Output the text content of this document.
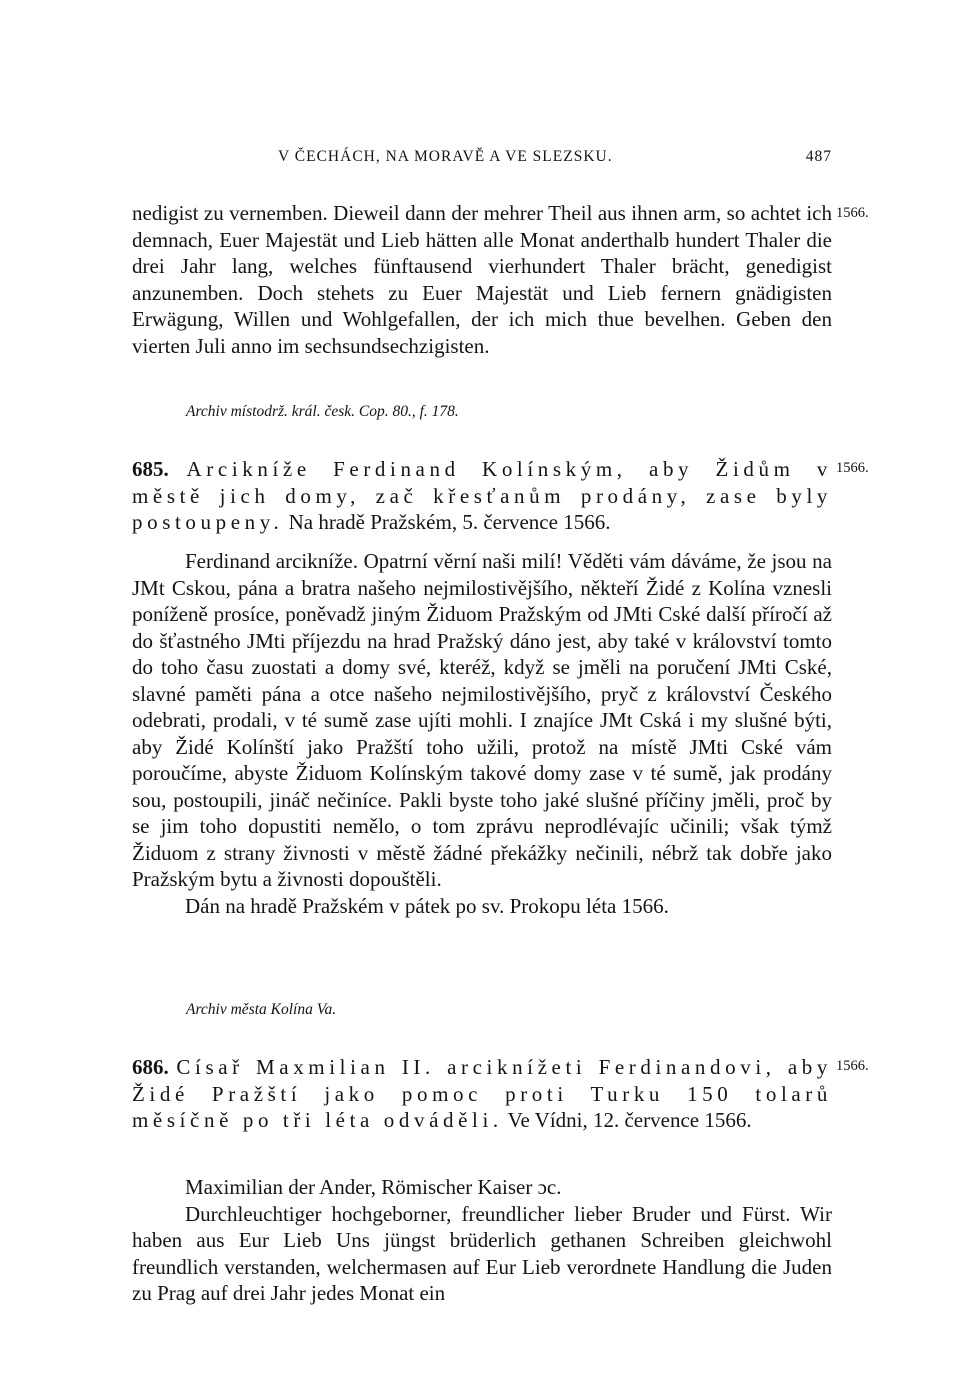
V ČECHÁCH, NA MORAVĚ A VE SLEZSKU.	487
1566.

nedigist zu vernemben. Dieweil dann der mehrer Theil aus ihnen arm, so achtet ich demnach, Euer Majestät und Lieb hätten alle Monat anderthalb hundert Thaler die drei Jahr lang, welches fünftausend vierhundert Thaler brächt, genedigist anzunemben. Doch stehets zu Euer Majestät und Lieb fernern gnädigisten Erwägung, Willen und Wohlgefallen, der ich mich thue bevelhen. Geben den vierten Juli anno im sechsundsechzigisten.

Archiv místodrž. král. česk. Cop. 80., f. 178.
1566.
685. Arcikníže Ferdinand Kolínským, aby Židům v městě jich domy, zač křesťanům prodány, zase byly postoupeny. Na hradě Pražském, 5. července 1566.

Ferdinand arcikníže. Opatrní věrní naši milí! Věděti vám dáváme, že jsou na JMt Cskou, pána a bratra našeho nejmilostivějšího, někteří Židé z Kolína vznesli poníženě prosíce, poněvadž jiným Židuom Pražským od JMti Cské další příročí až do šťastného JMti příjezdu na hrad Pražský dáno jest, aby také v království tomto do toho času zuostati a domy své, kteréž, když se jměli na poručení JMti Cské, slavné paměti pána a otce našeho nejmilostivějšího, pryč z království Českého odebrati, prodali, v té sumě zase ujíti mohli. I znajíce JMt Cská i my slušné býti, aby Židé Kolínští jako Pražští toho užili, protož na místě JMti Cské vám poroučíme, abyste Židuom Kolínským takové domy zase v té sumě, jak prodány sou, postoupili, jináč nečiníce. Pakli byste toho jaké slušné příčiny jměli, proč by se jim toho dopustiti nemělo, o tom zprávu neprodlévajíc učinili; však týmž Židuom z strany živnosti v městě žádné překážky nečinili, nébrž tak dobře jako Pražským bytu a živnosti dopouštěli.

Dán na hradě Pražském v pátek po sv. Prokopu léta 1566.

Archiv města Kolína Va.
1566.
686. Císař Maxmilian II. arciknížeti Ferdinandovi, aby Židé Pražští jako pomoc proti Turku 150 tolarů měsíčně po tři léta odváděli. Ve Vídni, 12. července 1566.

Maximilian der Ander, Römischer Kaiser ɔc.

Durchleuchtiger hochgeborner, freundlicher lieber Bruder und Fürst. Wir haben aus Eur Lieb Uns jüngst brüderlich gethanen Schreiben gleichwohl freundlich verstanden, welchermasen auf Eur Lieb verordnete Handlung die Juden zu Prag auf drei Jahr jedes Monat ein
